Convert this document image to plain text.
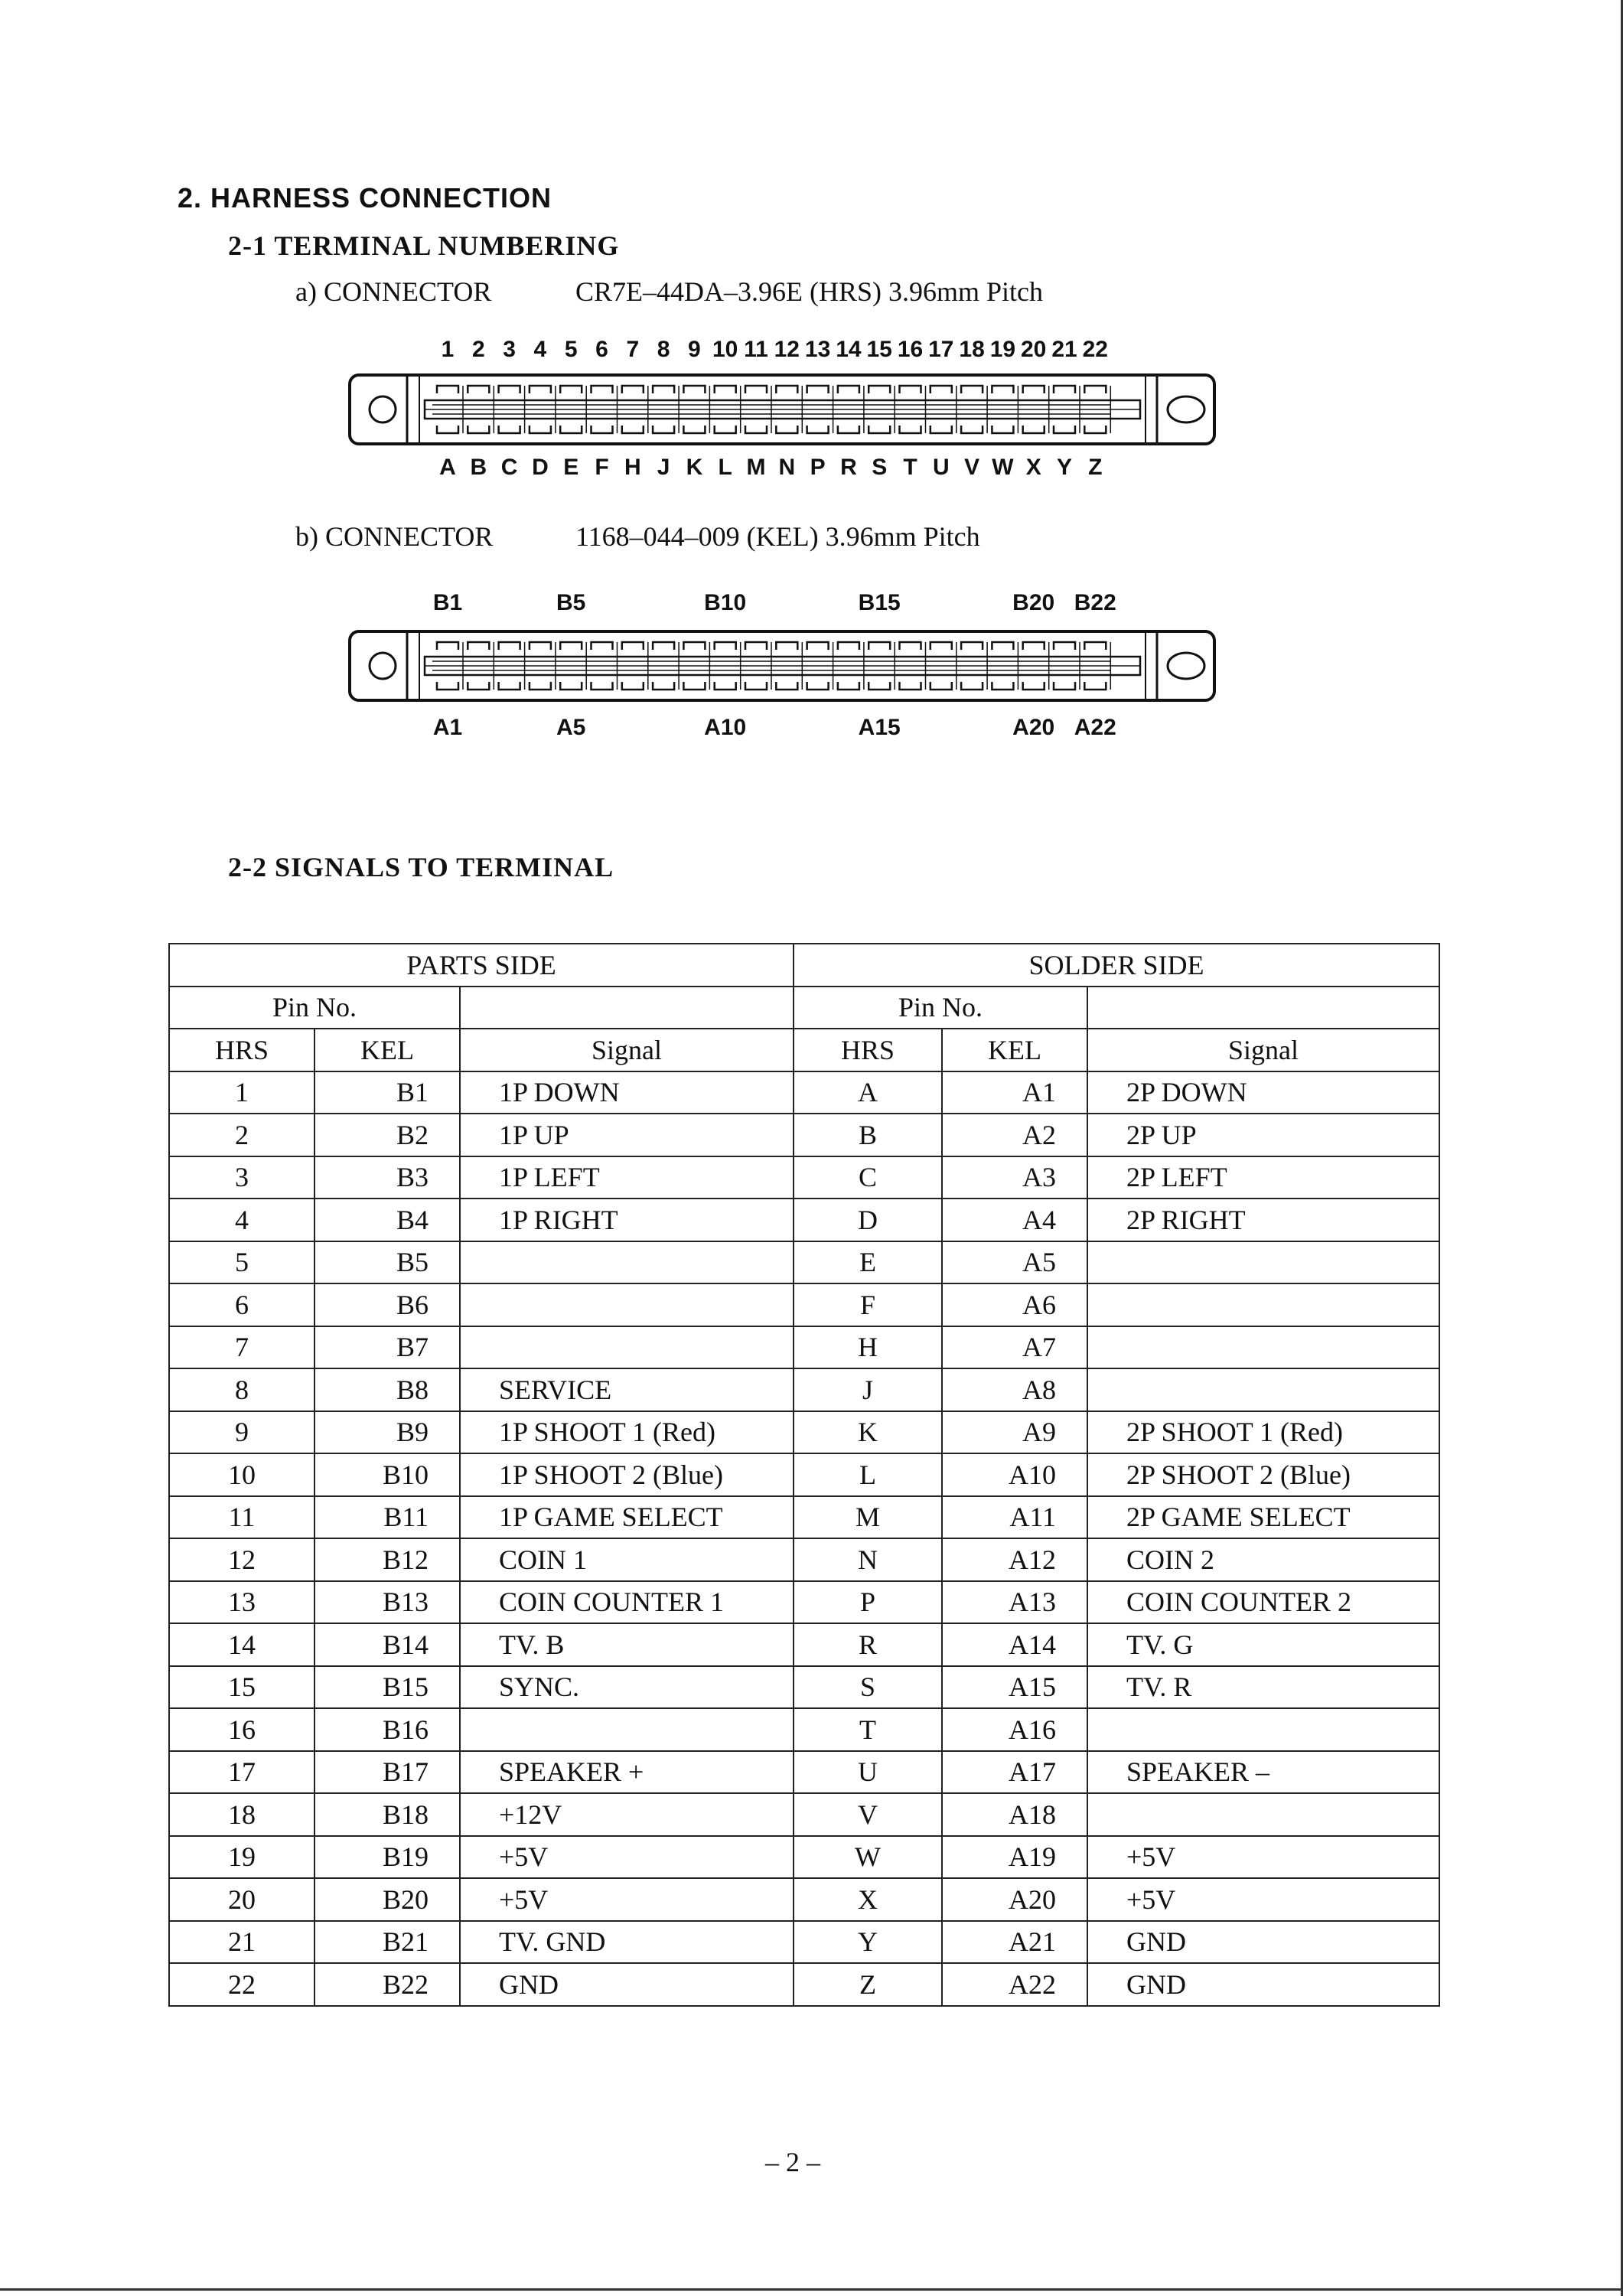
2. HARNESS CONNECTION
2-1 TERMINAL NUMBERING
a) CONNECTOR	CR7E–44DA–3.96E (HRS) 3.96mm Pitch
1 2 3 4 5 6 7 8 9 10 11 12 13 14 15 16 17 18 19 20 21 22
A B C D E F H J K L M N P R S T U V W X Y Z
b) CONNECTOR	1168–044–009 (KEL) 3.96mm Pitch
B1	B5	B10	B15	B20 B22
A1	A5	A10	A15	A20 A22
2-2 SIGNALS TO TERMINAL
PARTS SIDE			SOLDER SIDE		
Pin No.			Pin No.		
HRS	KEL	Signal	HRS	KEL	Signal
1	B1	1P DOWN	A	A1	2P DOWN
2	B2	1P UP	B	A2	2P UP
3	B3	1P LEFT	C	A3	2P LEFT
4	B4	1P RIGHT	D	A4	2P RIGHT
5	B5		E	A5	
6	B6		F	A6	
7	B7		H	A7	
8	B8	SERVICE	J	A8	
9	B9	1P SHOOT 1 (Red)	K	A9	2P SHOOT 1 (Red)
10	B10	1P SHOOT 2 (Blue)	L	A10	2P SHOOT 2 (Blue)
11	B11	1P GAME SELECT	M	A11	2P GAME SELECT
12	B12	COIN 1	N	A12	COIN 2
13	B13	COIN COUNTER 1	P	A13	COIN COUNTER 2
14	B14	TV. B	R	A14	TV. G
15	B15	SYNC.	S	A15	TV. R
16	B16		T	A16	
17	B17	SPEAKER +	U	A17	SPEAKER –
18	B18	+12V	V	A18	
19	B19	+5V	W	A19	+5V
20	B20	+5V	X	A20	+5V
21	B21	TV. GND	Y	A21	GND
22	B22	GND	Z	A22	GND
– 2 –
